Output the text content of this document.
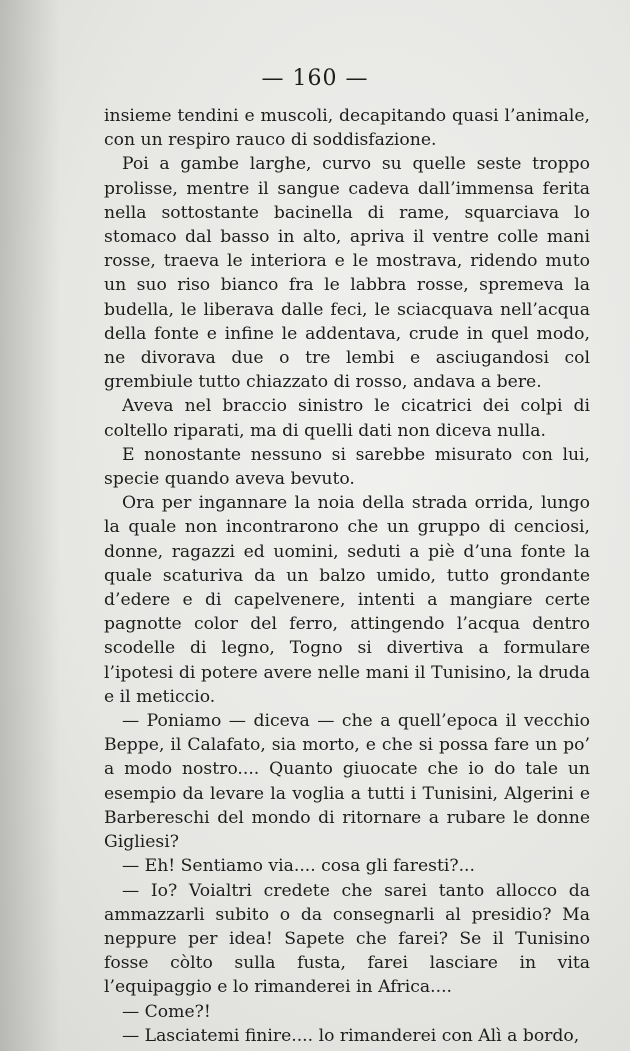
— 160 —

insieme tendini e muscoli, decapitando quasi l’animale, con un respiro rauco di soddisfazione.

Poi a gambe larghe, curvo su quelle seste troppo prolisse, mentre il sangue cadeva dall’immensa ferita nella sottostante bacinella di rame, squarciava lo stomaco dal basso in alto, apriva il ventre colle mani rosse, traeva le interiora e le mostrava, ridendo muto un suo riso bianco fra le labbra rosse, spremeva la budella, le liberava dalle feci, le sciacquava nell’acqua della fonte e infine le addentava, crude in quel modo, ne divorava due o tre lembi e asciugandosi col grembiule tutto chiazzato di rosso, andava a bere.

Aveva nel braccio sinistro le cicatrici dei colpi di coltello riparati, ma di quelli dati non diceva nulla.

E nonostante nessuno si sarebbe misurato con lui, specie quando aveva bevuto.

Ora per ingannare la noia della strada orrida, lungo la quale non incontrarono che un gruppo di cenciosi, donne, ragazzi ed uomini, seduti a piè d’una fonte la quale scaturiva da un balzo umido, tutto grondante d’edere e di capelvenere, intenti a mangiare certe pagnotte color del ferro, attingendo l’acqua dentro scodelle di legno, Togno si divertiva a formulare l’ipotesi di potere avere nelle mani il Tunisino, la druda e il meticcio.

— Poniamo — diceva — che a quell’epoca il vecchio Beppe, il Calafato, sia morto, e che si possa fare un po’ a modo nostro.... Quanto giuocate che io do tale un esempio da levare la voglia a tutti i Tunisini, Algerini e Barbereschi del mondo di ritornare a rubare le donne Gigliesi?

— Eh! Sentiamo via.... cosa gli faresti?...

— Io? Voialtri credete che sarei tanto allocco da ammazzarli subito o da consegnarli al presidio? Ma neppure per idea! Sapete che farei? Se il Tunisino fosse còlto sulla fusta, farei lasciare in vita l’equipaggio e lo rimanderei in Africa....

— Come?!

— Lasciatemi finire.... lo rimanderei con Alì a bordo,
